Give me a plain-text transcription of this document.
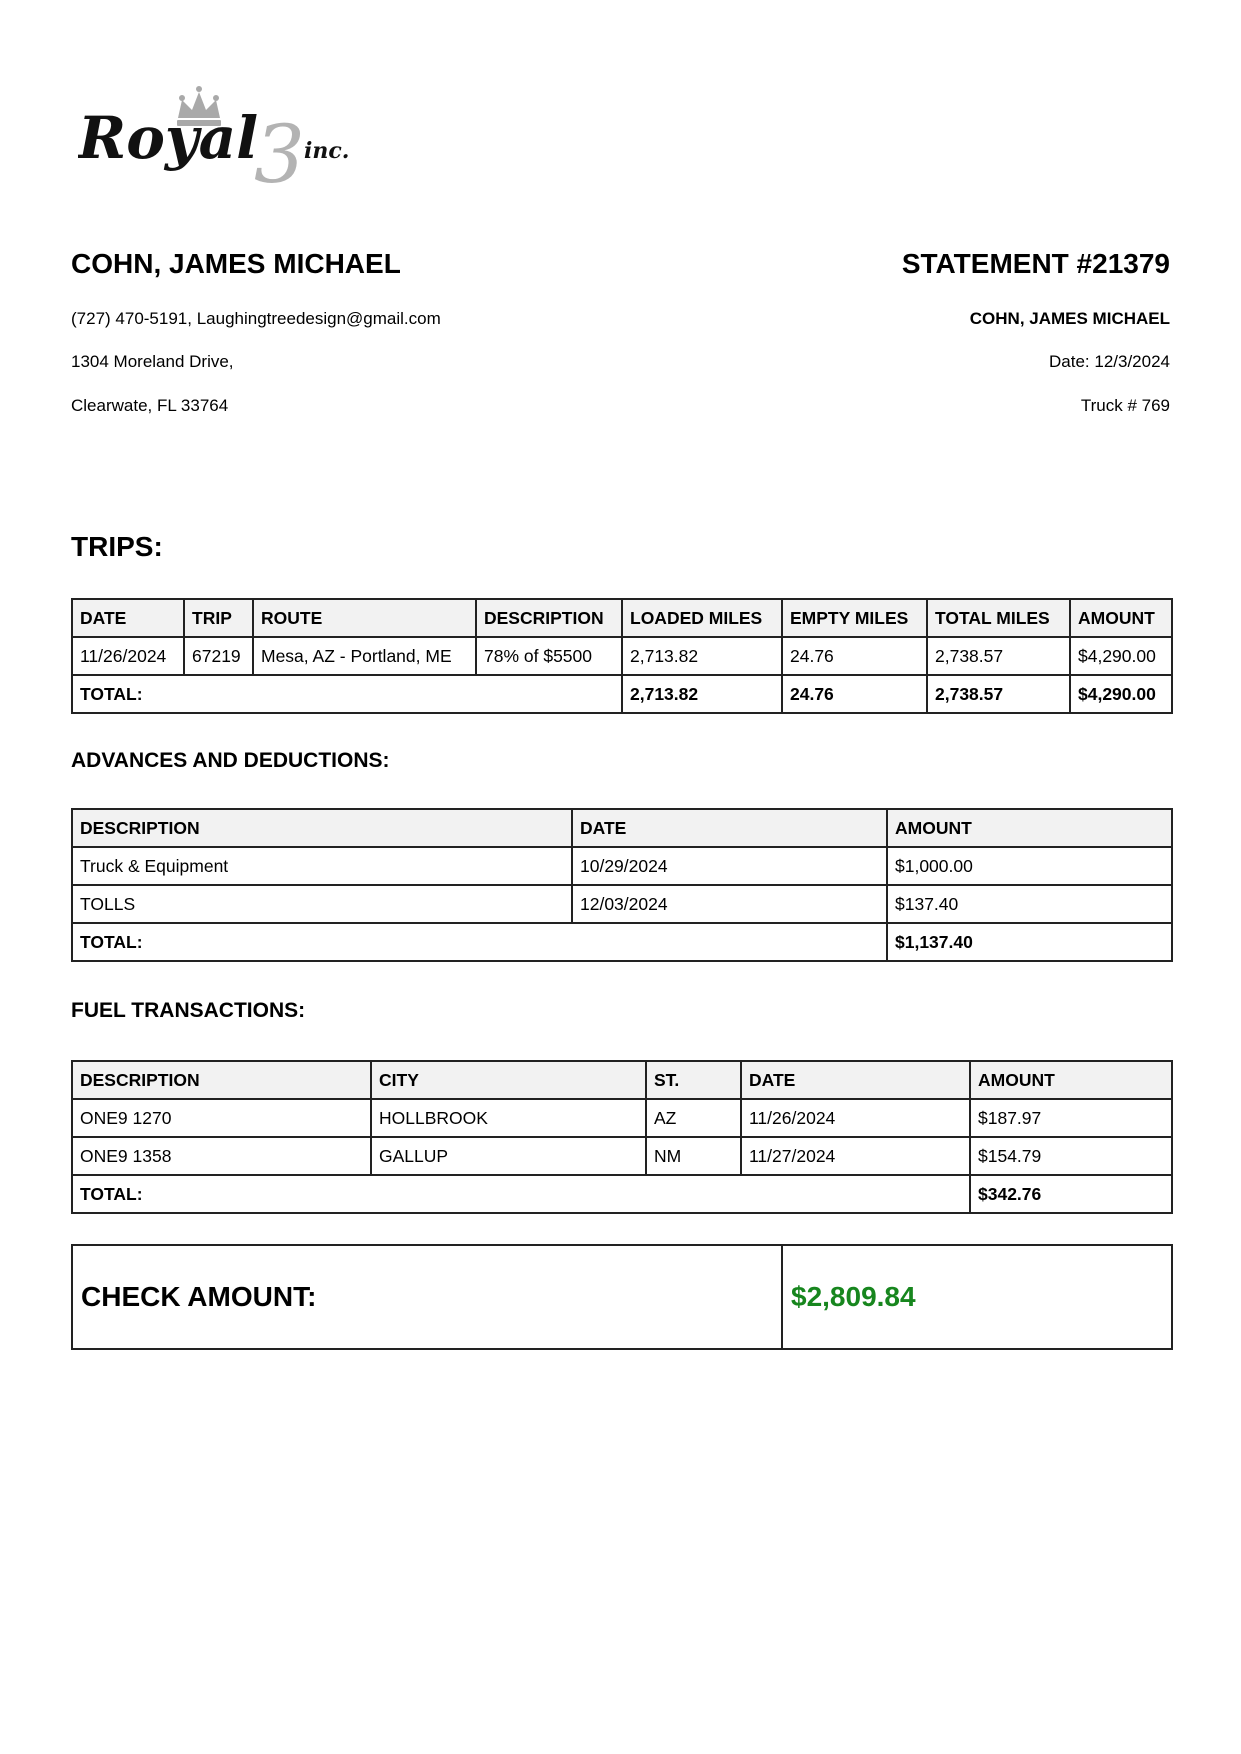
3
Royal inc.
COHN, JAMES MICHAEL
(727) 470-5191, Laughingtreedesign@gmail.com
1304 Moreland Drive,
Clearwate, FL 33764
STATEMENT #21379
COHN, JAMES MICHAEL
Date: 12/3/2024
Truck # 769
TRIPS:
DATE	TRIP	ROUTE	DESCRIPTION	LOADED MILES	EMPTY MILES	TOTAL MILES	AMOUNT
11/26/2024	67219	Mesa, AZ - Portland, ME	78% of $5500	2,713.82	24.76	2,738.57	$4,290.00
TOTAL:				2,713.82	24.76	2,738.57	$4,290.00
ADVANCES AND DEDUCTIONS:
DESCRIPTION	DATE	AMOUNT
Truck & Equipment	10/29/2024	$1,000.00
TOLLS	12/03/2024	$137.40
TOTAL:		$1,137.40
FUEL TRANSACTIONS:
DESCRIPTION	CITY	ST.	DATE	AMOUNT
ONE9 1270	HOLLBROOK	AZ	11/26/2024	$187.97
ONE9 1358	GALLUP	NM	11/27/2024	$154.79
TOTAL:				$342.76
CHECK AMOUNT:	$2,809.84
